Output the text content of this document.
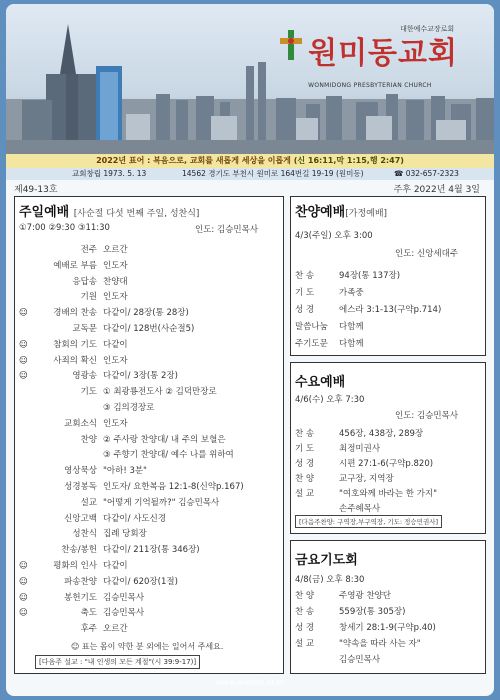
대한예수교장로회
원미동교회
WONMIDONG PRESBYTERIAN CHURCH
2022년 표어 : 복음으로, 교회를 새롭게 세상을 이롭게 (신 16:11,막 1:15,행 2:47)
교회창립 1973. 5. 13	14562 경기도 부천시 원미로 164번길 19-19 (원미동)	☎ 032-657-2323
제49-13호	주후 2022년 4월 3일
주일예배 [사순절 다섯 번째 주일, 성찬식]
①7:00 ②9:30 ③11:30	인도: 김승민목사
전주 오르간
예배로 부름 인도자
응답송 찬양대
기원 인도자
☺	경배의 찬송 다같이/ 28장(통 28장)
교독문 다같이/ 128번(사순절5)
☺	참회의 기도 다같이
☺	사죄의 확신 인도자
☺	영광송 다같이/ 3장(통 2장)
기도 ① 최광룡전도사 ② 김덕만장로
③ 김의경장로
교회소식 인도자
찬양 ② 주사랑 찬양대/ 내 주의 보혈은
③ 주향기 찬양대/ 예수 나를 위하여
영상묵상 "아하! 3분"
성경봉독 인도자/ 요한복음 12:1-8(신약p.167)
설교 "어떻게 기억될까?" 김승민목사
신앙고백 다같이/ 사도신경
성찬식 집례 당회장
찬송/봉헌 다같이/ 211장(통 346장)
☺	평화의 인사 다같이
☺	파송찬양 다같이/ 620장(1절)
☺	봉헌기도 김승민목사
☺	축도 김승민목사
후주 오르간
☺ 표는 몸이 약한 분 외에는 일어서 주세요.
[다음주 설교 : "내 인생의 모든 계절"(시 39:9-17)]
찬양예배[가정예배]
4/3(주일) 오후 3:00
인도: 신앙세대주
찬 송	94장(통 137장)
기 도	가족중
성 경	에스라 3:1-13(구약p.714)
말씀나눔 다함께
주기도문 다함께
수요예배
4/6(수) 오후 7:30
인도: 김승민목사
찬 송	456장, 438장, 289장
기 도	최정미권사
성 경	시편 27:1-6(구약p.820)
찬 양	교구장, 지역장
설 교	"여호와께 바라는 한 가지"
손주혜목사
[다음주찬양: 구역장,부구역장, 기도: 정승민권사]
금요기도회
4/8(금) 오후 8:30
찬 양	주영광 찬양단
찬 송	559장(통 305장)
성 경	창세기 28:1-9(구약p.40)
설 교	"약속을 따라 사는 자"
김승민목사
www.wonmi.or.kr
